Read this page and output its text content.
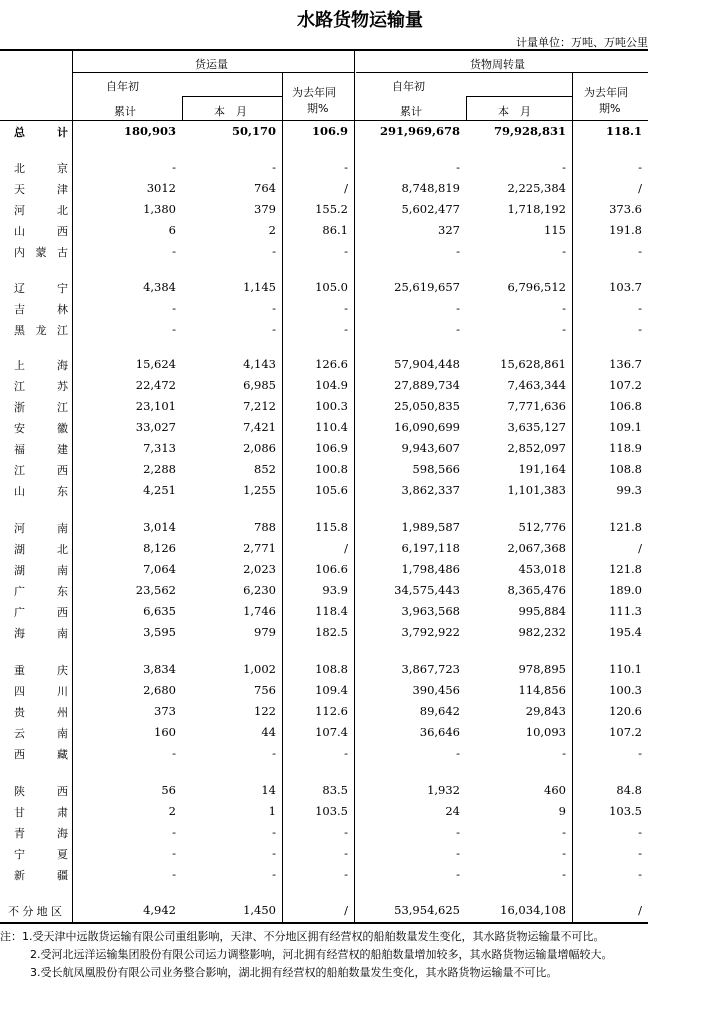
水路货物运输量
计量单位：万吨、万吨公里
货运量	货物周转量
自年初
累计	本　月
为去年同
期%
自年初
累计	本　月
为去年同
期%
总 计	180,903	50,170	106.9	291,969,678	79,928,831	118.1
北 京	-	-	-	-	-	-
天 津	3012	764	/	8,748,819	2,225,384	/
河 北	1,380	379	155.2	5,602,477	1,718,192	373.6
山 西	6	2	86.1	327	115	191.8
内蒙古	-	-	-	-	-	-
辽 宁	4,384	1,145	105.0	25,619,657	6,796,512	103.7
吉 林	-	-	-	-	-	-
黑龙江	-	-	-	-	-	-
上 海	15,624	4,143	126.6	57,904,448	15,628,861	136.7
江 苏	22,472	6,985	104.9	27,889,734	7,463,344	107.2
浙 江	23,101	7,212	100.3	25,050,835	7,771,636	106.8
安 徽	33,027	7,421	110.4	16,090,699	3,635,127	109.1
福 建	7,313	2,086	106.9	9,943,607	2,852,097	118.9
江 西	2,288	852	100.8	598,566	191,164	108.8
山 东	4,251	1,255	105.6	3,862,337	1,101,383	99.3
河 南	3,014	788	115.8	1,989,587	512,776	121.8
湖 北	8,126	2,771	/	6,197,118	2,067,368	/
湖 南	7,064	2,023	106.6	1,798,486	453,018	121.8
广 东	23,562	6,230	93.9	34,575,443	8,365,476	189.0
广 西	6,635	1,746	118.4	3,963,568	995,884	111.3
海 南	3,595	979	182.5	3,792,922	982,232	195.4
重 庆	3,834	1,002	108.8	3,867,723	978,895	110.1
四 川	2,680	756	109.4	390,456	114,856	100.3
贵 州	373	122	112.6	89,642	29,843	120.6
云 南	160	44	107.4	36,646	10,093	107.2
西 藏	-	-	-	-	-	-
陕 西	56	14	83.5	1,932	460	84.8
甘 肃	2	1	103.5	24	9	103.5
青 海	-	-	-	-	-	-
宁 夏	-	-	-	-	-	-
新 疆	-	-	-	-	-	-
不分地区	4,942	1,450	/	53,954,625	16,034,108	/

注：1.受天津中远散货运输有限公司重组影响，天津、不分地区拥有经营权的船舶数量发生变化，其水路货物运输量不可比。

2.受河北远洋运输集团股份有限公司运力调整影响，河北拥有经营权的船舶数量增加较多，其水路货物运输量增幅较大。

3.受长航凤凰股份有限公司业务整合影响，湖北拥有经营权的船舶数量发生变化，其水路货物运输量不可比。
